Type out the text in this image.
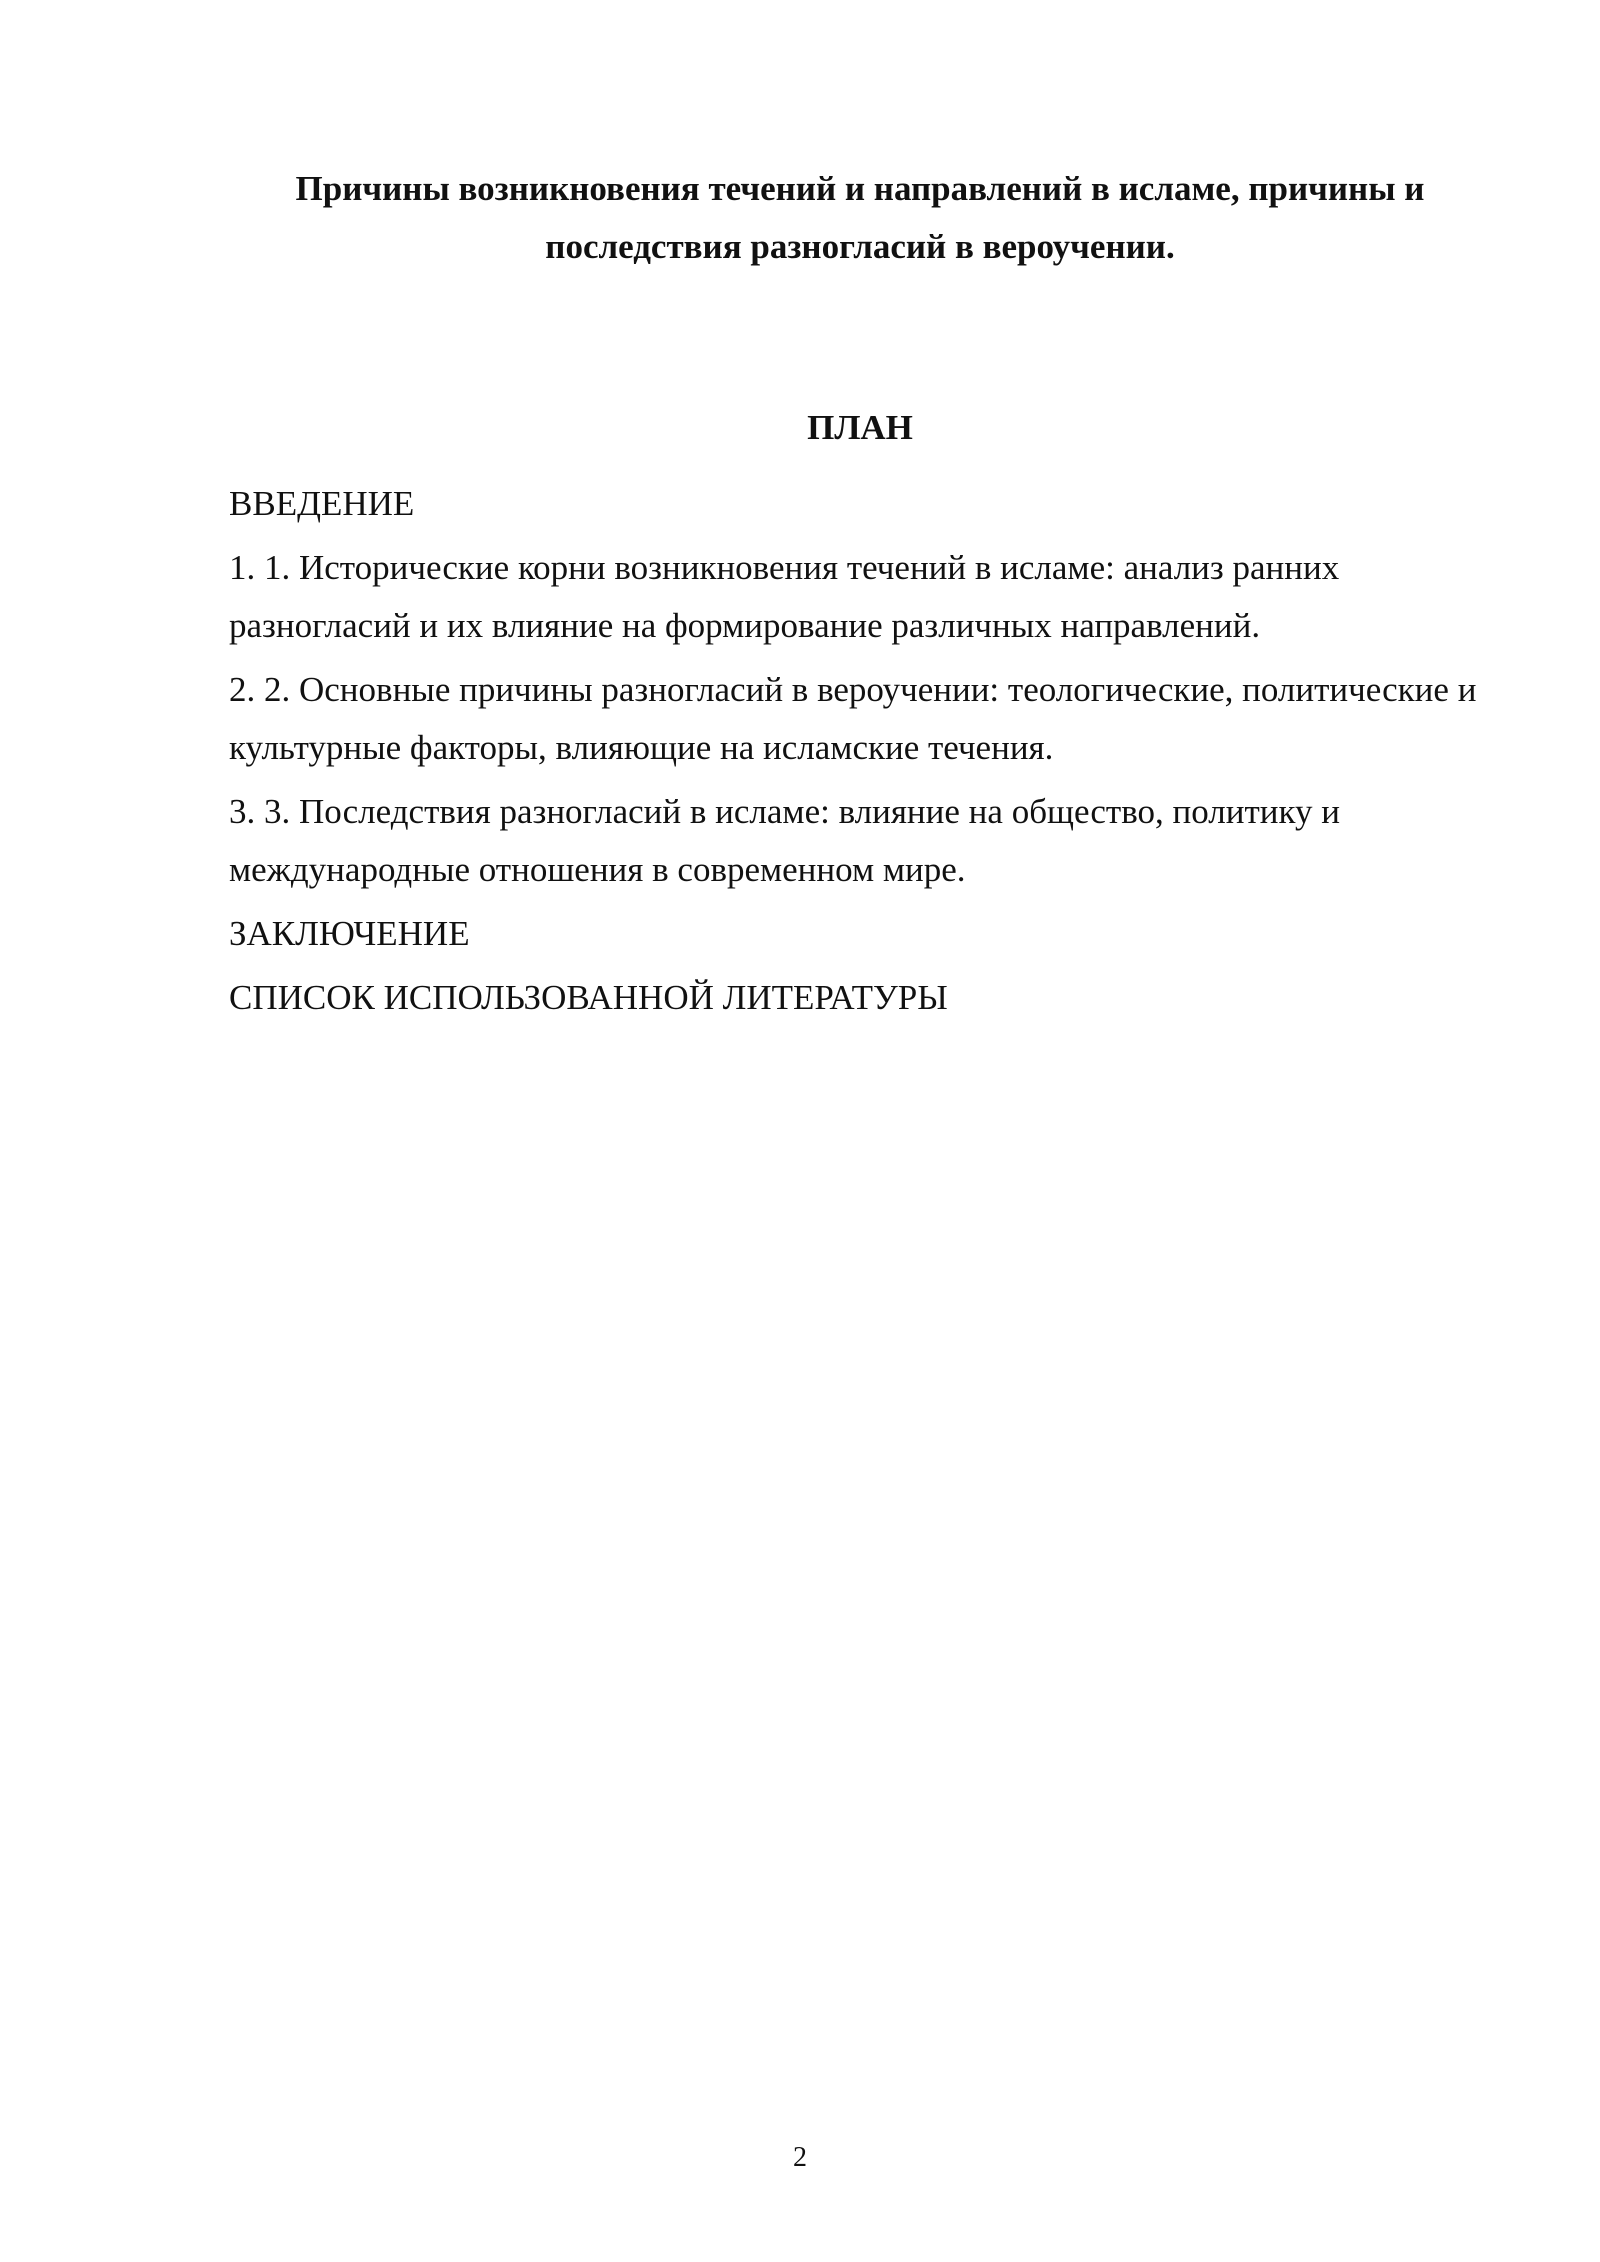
Причины возникновения течений и направлений в исламе, причины и последствия разногласий в вероучении.
ПЛАН
ВВЕДЕНИЕ
1. 1. Исторические корни возникновения течений в исламе: анализ ранних разногласий и их влияние на формирование различных направлений.
2. 2. Основные причины разногласий в вероучении: теологические, политические и культурные факторы, влияющие на исламские течения.
3. 3. Последствия разногласий в исламе: влияние на общество, политику и международные отношения в современном мире.
ЗАКЛЮЧЕНИЕ
СПИСОК ИСПОЛЬЗОВАННОЙ ЛИТЕРАТУРЫ
2
